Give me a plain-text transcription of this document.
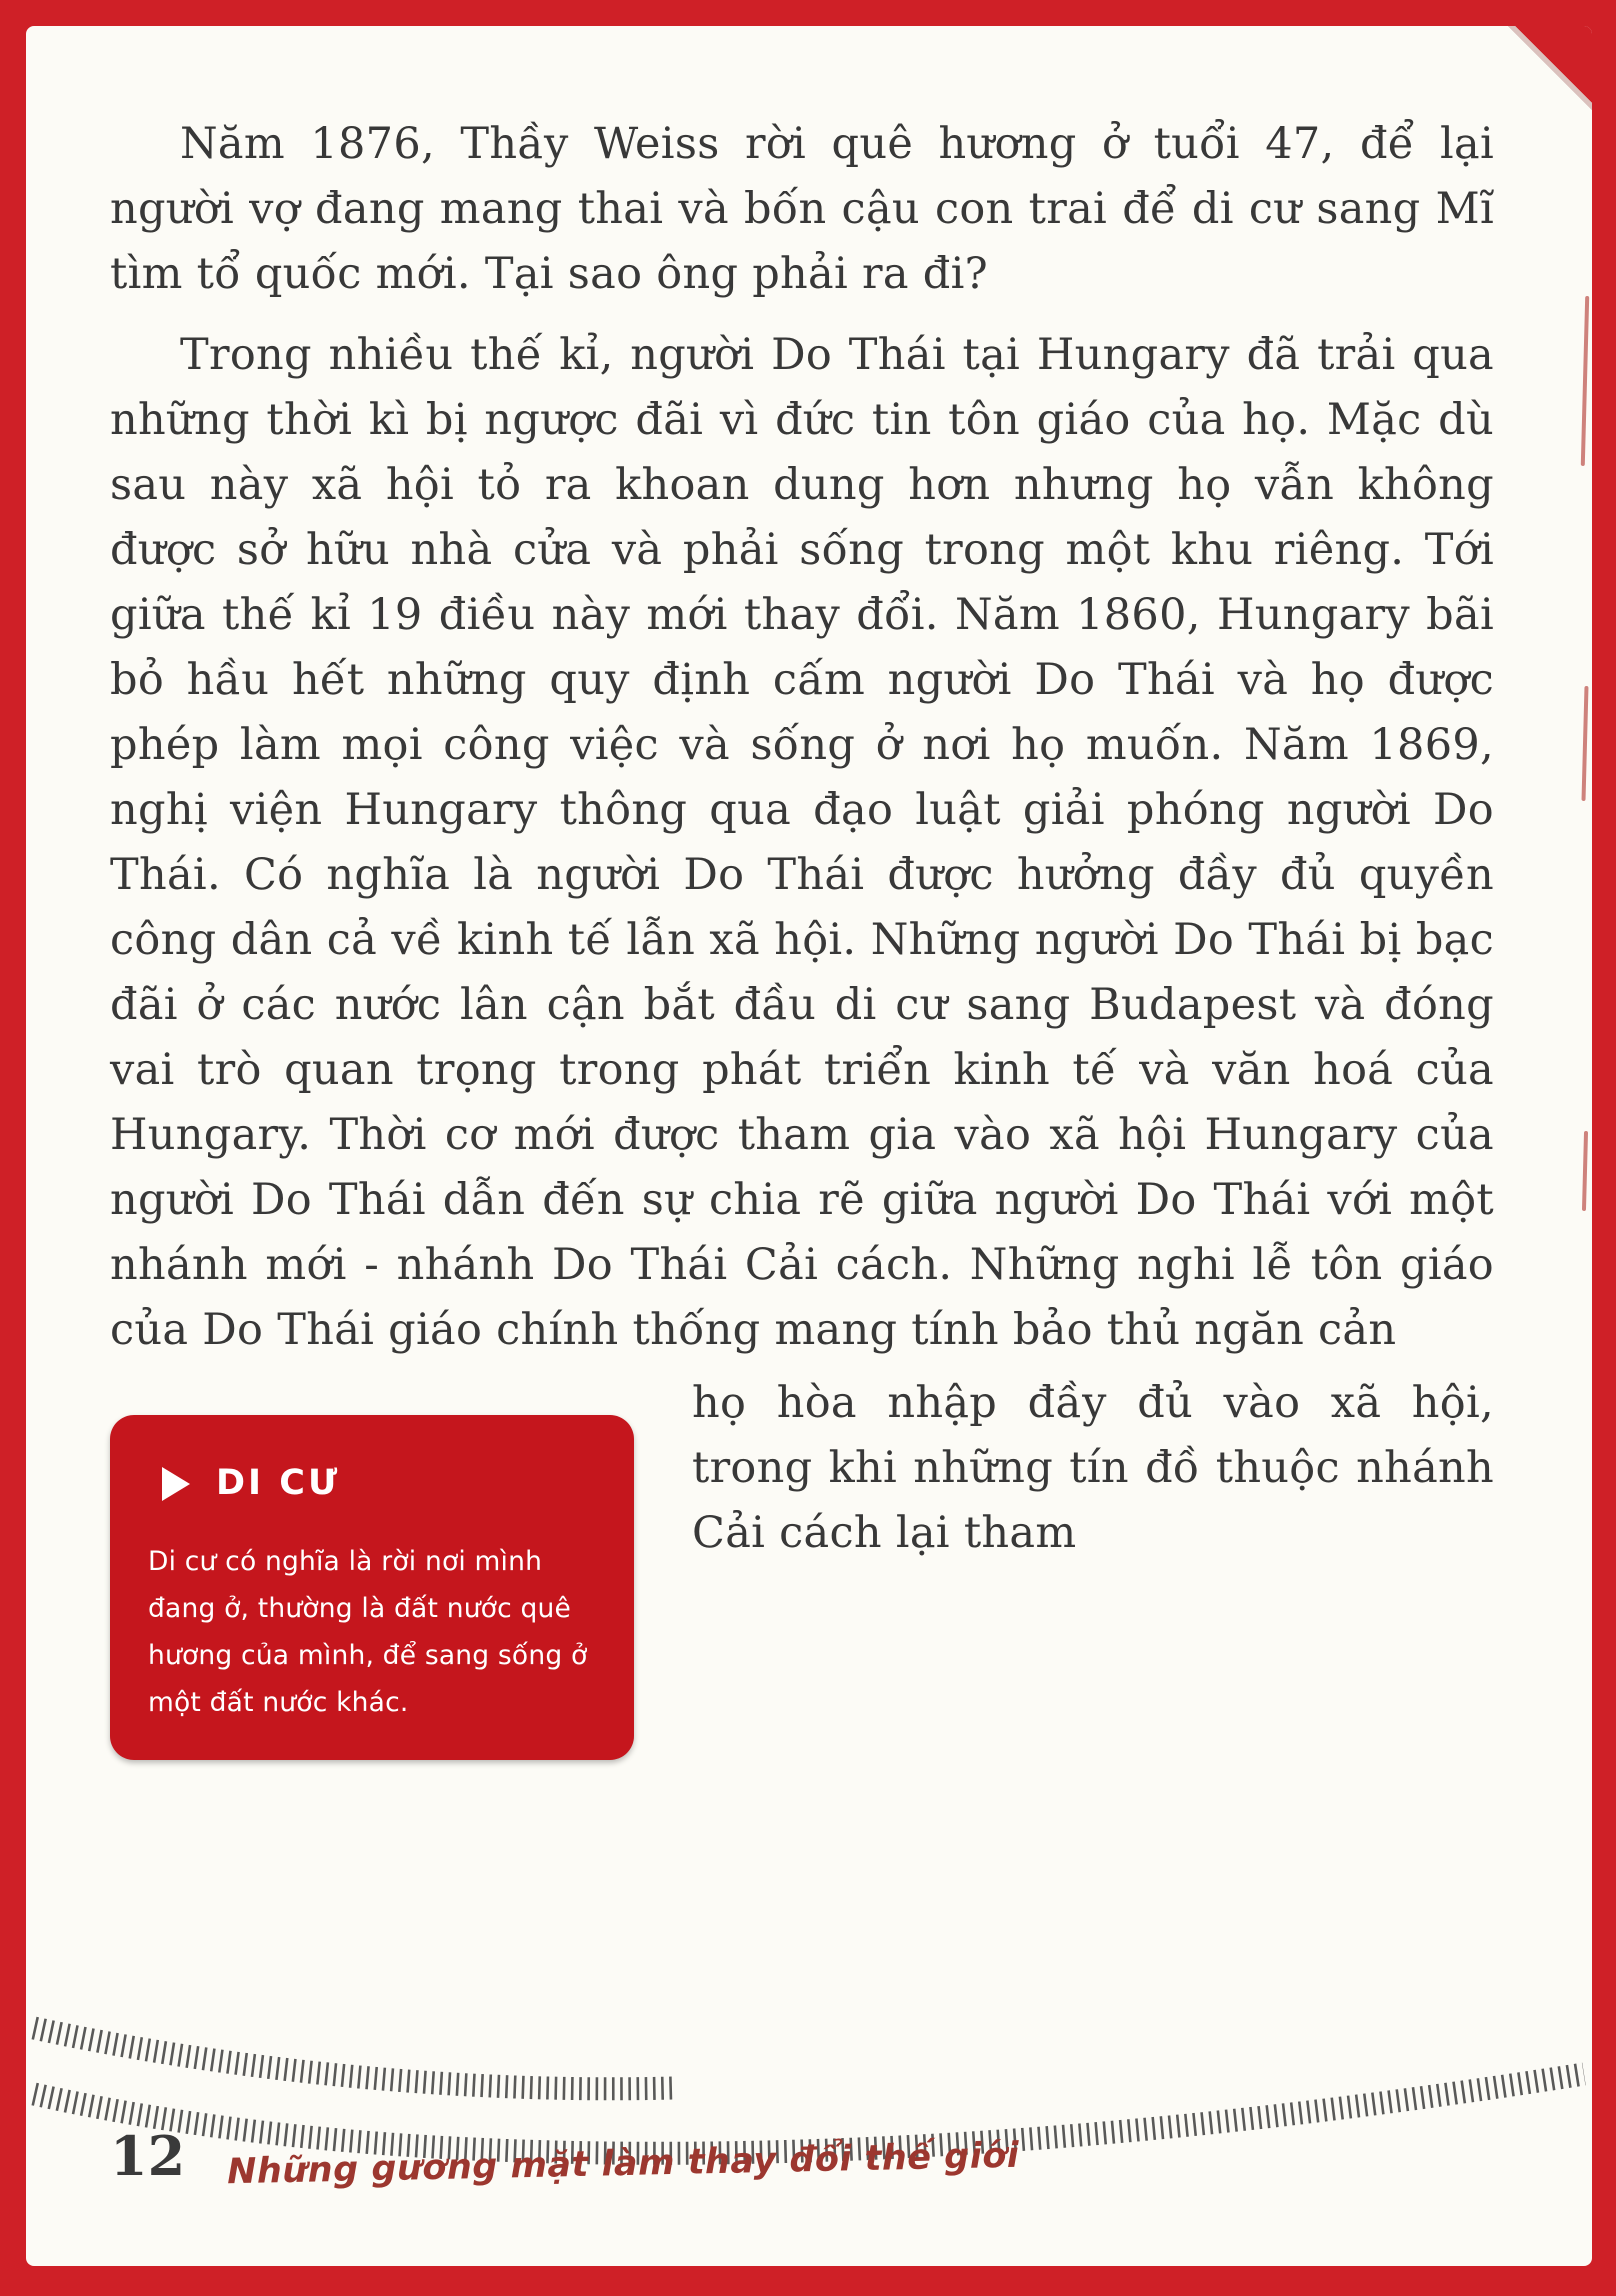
Năm 1876, Thầy Weiss rời quê hương ở tuổi 47, để lại người vợ đang mang thai và bốn cậu con trai để di cư sang Mĩ tìm tổ quốc mới. Tại sao ông phải ra đi?

Trong nhiều thế kỉ, người Do Thái tại Hungary đã trải qua những thời kì bị ngược đãi vì đức tin tôn giáo của họ. Mặc dù sau này xã hội tỏ ra khoan dung hơn nhưng họ vẫn không được sở hữu nhà cửa và phải sống trong một khu riêng. Tới giữa thế kỉ 19 điều này mới thay đổi. Năm 1860, Hungary bãi bỏ hầu hết những quy định cấm người Do Thái và họ được phép làm mọi công việc và sống ở nơi họ muốn. Năm 1869, nghị viện Hungary thông qua đạo luật giải phóng người Do Thái. Có nghĩa là người Do Thái được hưởng đầy đủ quyền công dân cả về kinh tế lẫn xã hội. Những người Do Thái bị bạc đãi ở các nước lân cận bắt đầu di cư sang Budapest và đóng vai trò quan trọng trong phát triển kinh tế và văn hoá của Hungary. Thời cơ mới được tham gia vào xã hội Hungary của người Do Thái dẫn đến sự chia rẽ giữa người Do Thái với một nhánh mới - nhánh Do Thái Cải cách. Những nghi lễ tôn giáo của Do Thái giáo chính thống mang tính bảo thủ ngăn cản

DI CƯ
Di cư có nghĩa là rời nơi mình đang ở, thường là đất nước quê hương của mình, để sang sống ở một đất nước khác.

họ hòa nhập đầy đủ vào xã hội, trong khi những tín đồ thuộc nhánh Cải cách lại tham

12 Những gương mặt làm thay đổi thế giới
